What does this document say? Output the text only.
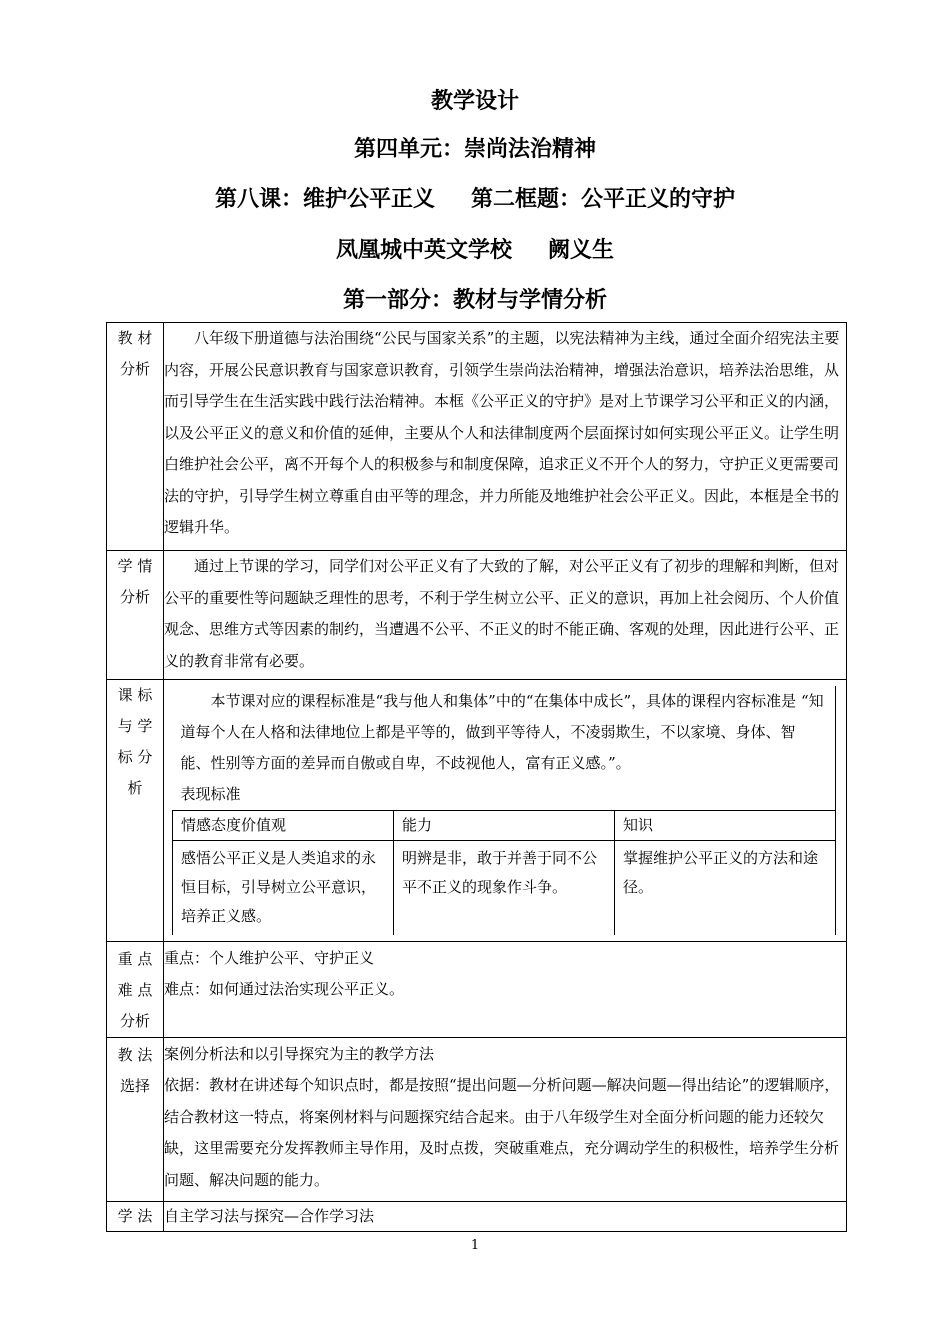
教学设计
第四单元：崇尚法治精神
第八课：维护公平正义 第二框题：公平正义的守护
凤凰城中英文学校 阙义生
第一部分：教材与学情分析
教 材
分析

八年级下册道德与法治围绕“公民与国家关系”的主题，以宪法精神为主线，通过全面介绍宪法主要内容，开展公民意识教育与国家意识教育，引领学生崇尚法治精神，增强法治意识，培养法治思维，从而引导学生在生活实践中践行法治精神。本框《公平正义的守护》是对上节课学习公平和正义的内涵，以及公平正义的意义和价值的延伸，主要从个人和法律制度两个层面探讨如何实现公平正义。让学生明白维护社会公平，离不开每个人的积极参与和制度保障，追求正义不开个人的努力，守护正义更需要司法的守护，引导学生树立尊重自由平等的理念，并力所能及地维护社会公平正义。因此，本框是全书的逻辑升华。

学 情
分析

通过上节课的学习，同学们对公平正义有了大致的了解，对公平正义有了初步的理解和判断，但对公平的重要性等问题缺乏理性的思考，不利于学生树立公平、正义的意识，再加上社会阅历、个人价值观念、思维方式等因素的制约，当遭遇不公平、不正义的时不能正确、客观的处理，因此进行公平、正义的教育非常有必要。

课 标
与 学
标 分
析

本节课对应的课程标准是“我与他人和集体”中的“在集体中成长”，具体的课程内容标准是 “知道每个人在人格和法律地位上都是平等的，做到平等待人，不凌弱欺生，不以家境、身体、智能、性别等方面的差异而自傲或自卑，不歧视他人，富有正义感。”。
表现标准

情感态度价值观	能力	知识
感悟公平正义是人类追求的永恒目标，引导树立公平意识，培养正义感。	明辨是非，敢于并善于同不公平不正义的现象作斗争。	掌握维护公平正义的方法和途径。

重 点
难 点
分析

重点：个人维护公平、守护正义

难点：如何通过法治实现公平正义。

教 法
选择

案例分析法和以引导探究为主的教学方法

依据：教材在讲述每个知识点时，都是按照“提出问题—分析问题—解决问题—得出结论”的逻辑顺序，结合教材这一特点，将案例材料与问题探究结合起来。由于八年级学生对全面分析问题的能力还较欠缺，这里需要充分发挥教师主导作用，及时点拨，突破重难点，充分调动学生的积极性，培养学生分析问题、解决问题的能力。

学 法	自主学习法与探究—合作学习法

1
